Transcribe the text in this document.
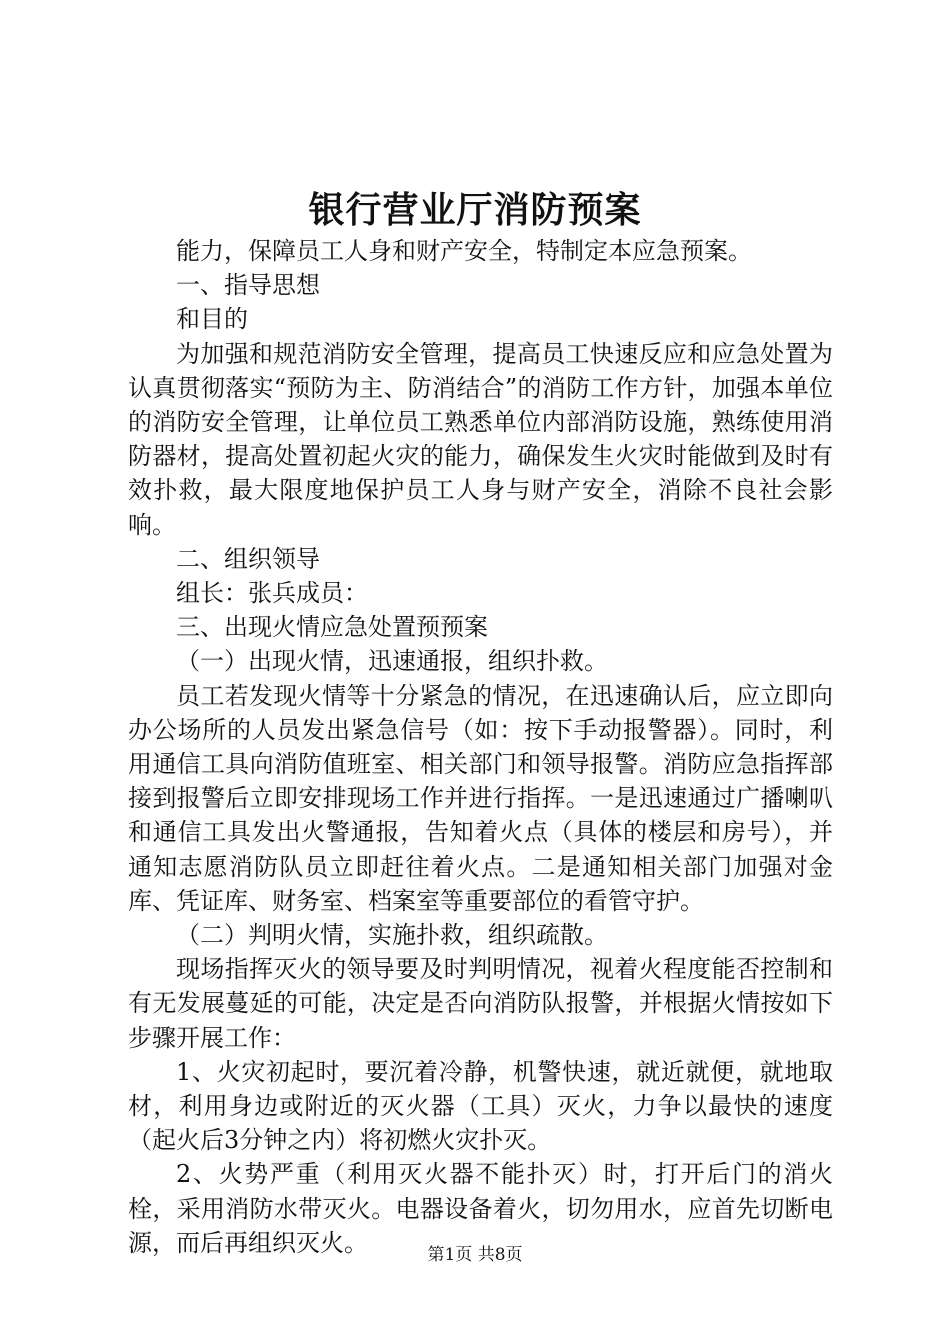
银行营业厅消防预案

能力，保障员工人身和财产安全，特制定本应急预案。

一、指导思想

和目的

为加强和规范消防安全管理，提高员工快速反应和应急处置为认真贯彻落实“预防为主、防消结合”的消防工作方针，加强本单位的消防安全管理，让单位员工熟悉单位内部消防设施，熟练使用消防器材，提高处置初起火灾的能力，确保发生火灾时能做到及时有效扑救，最大限度地保护员工人身与财产安全，消除不良社会影响。

二、组织领导

组长：张兵成员：

三、出现火情应急处置预预案

（一）出现火情，迅速通报，组织扑救。

员工若发现火情等十分紧急的情况，在迅速确认后，应立即向办公场所的人员发出紧急信号（如：按下手动报警器）。同时，利用通信工具向消防值班室、相关部门和领导报警。消防应急指挥部接到报警后立即安排现场工作并进行指挥。一是迅速通过广播喇叭和通信工具发出火警通报，告知着火点（具体的楼层和房号），并通知志愿消防队员立即赶往着火点。二是通知相关部门加强对金库、凭证库、财务室、档案室等重要部位的看管守护。

（二）判明火情，实施扑救，组织疏散。

现场指挥灭火的领导要及时判明情况，视着火程度能否控制和有无发展蔓延的可能，决定是否向消防队报警，并根据火情按如下步骤开展工作：

1、火灾初起时，要沉着冷静，机警快速，就近就便，就地取材，利用身边或附近的灭火器（工具）灭火，力争以最快的速度（起火后3分钟之内）将初燃火灾扑灭。

2、火势严重（利用灭火器不能扑灭）时，打开后门的消火栓，采用消防水带灭火。电器设备着火，切勿用水，应首先切断电源，而后再组织灭火。	第1页 共8页
